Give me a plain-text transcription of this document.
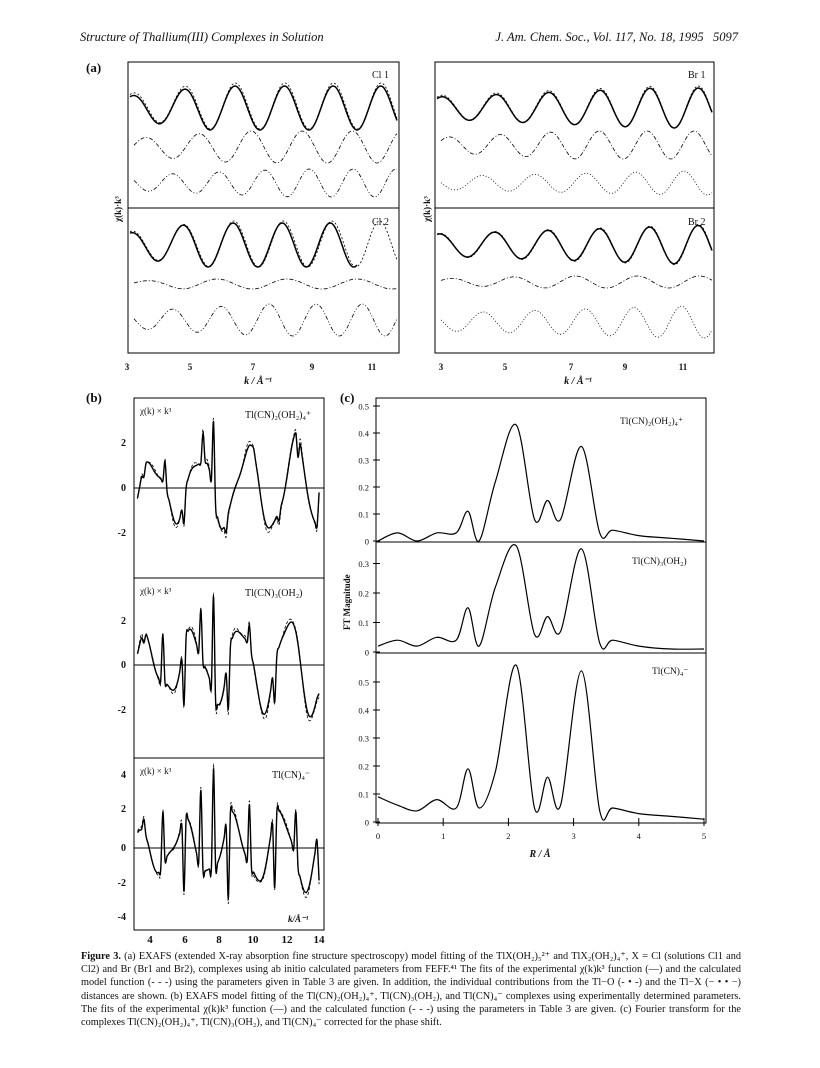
Structure of Thallium(III) Complexes in Solution	J. Am. Chem. Soc., Vol. 117, No. 18, 1995 5097
(a)
Cl 1
Cl 2
χ(k)·k³
3	5	7	9	11
k / Å⁻¹
Br 1
Br 2
χ(k)·k³
3	5	7	9	11
k / Å⁻¹
(b)
χ(k) × k³	Tl(CN)₂(OH₂)₄⁺
2
0
-2
χ(k) × k³	Tl(CN)₃(OH₂)
2
0
-2
χ(k) × k³	Tl(CN)₄⁻
4
2
0
-2
-4	k/Å⁻¹
4	6	8 10 12 14
(c)
FT Magnitude
Tl(CN)₂(OH₂)₄⁺
Tl(CN)₃(OH₂)
Tl(CN)₄⁻
0.5
0.4
0.3
0.2
0.1
0
0.3
0.2
0.1
0
0.5
0.4
0.3
0.2
0.1
0
0	1	2	3	4	5
R / Å
Figure 3. (a) EXAFS (extended X-ray absorption fine structure spectroscopy) model fitting of the TlX(OH₂)₅²⁺ and TlX₂(OH₂)₄⁺, X = Cl (solutions Cl1 and Cl2) and Br (Br1 and Br2), complexes using ab initio calculated parameters from FEFF.⁴¹ The fits of the experimental χ(k)k³ function (—) and the calculated model function (- - -) using the parameters given in Table 3 are given. In addition, the individual contributions from the Tl−O (- • -) and the Tl−X (− • • −) distances are shown. (b) EXAFS model fitting of the Tl(CN)₂(OH₂)₄⁺, Tl(CN)₃(OH₂), and Tl(CN)₄⁻ complexes using experimentally determined parameters. The fits of the experimental χ(k)k³ function (—) and the calculated function (- - -) using the parameters in Table 3 are given. (c) Fourier transform for the complexes Tl(CN)₂(OH₂)₄⁺, Tl(CN)₃(OH₂), and Tl(CN)₄⁻ corrected for the phase shift.
